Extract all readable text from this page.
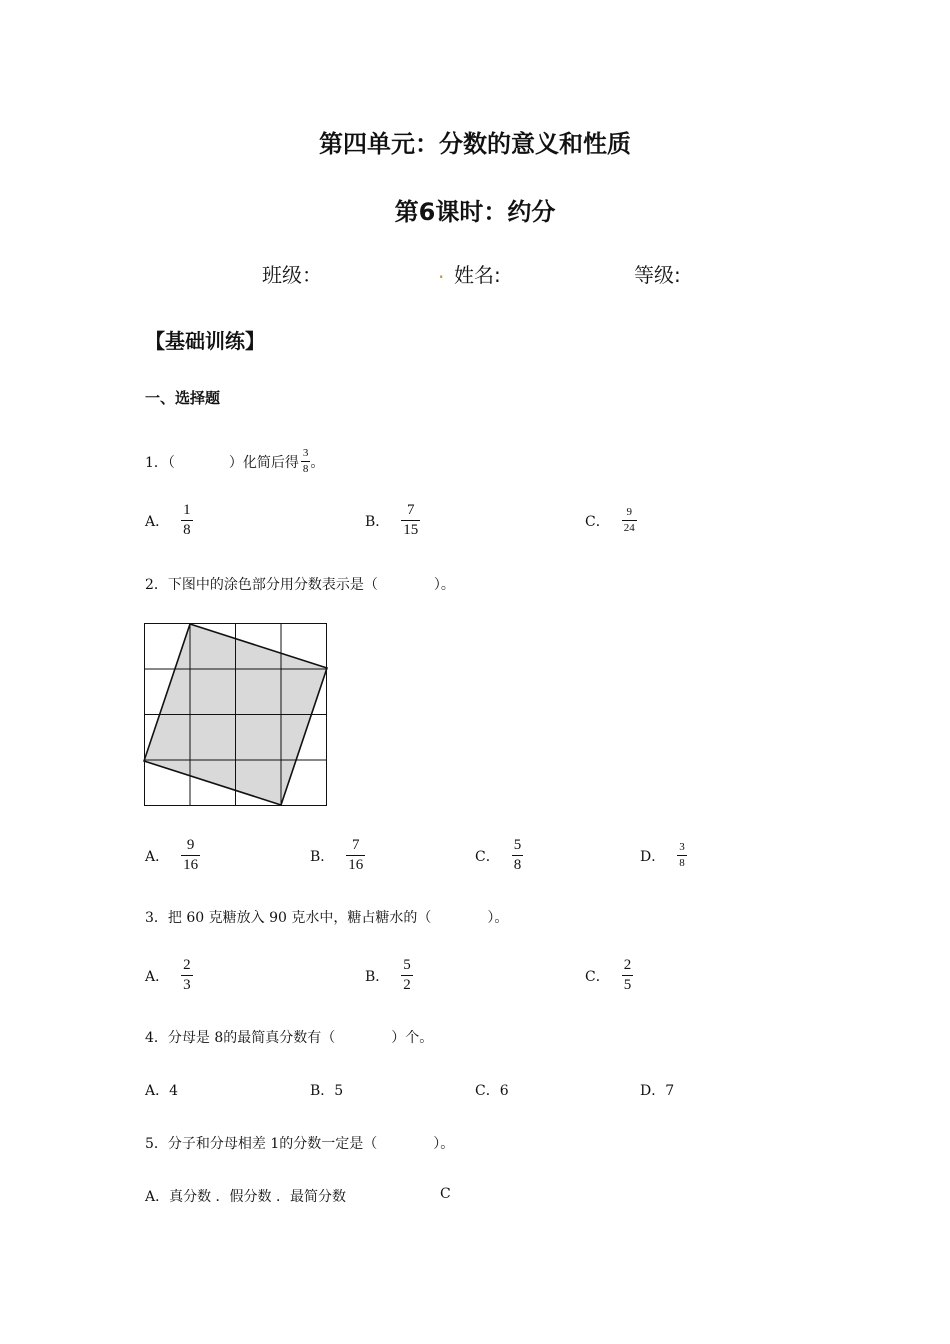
第四单元：分数的意义和性质
第6课时：约分
班级：	. 姓名:	等级:
【基础训练】
一、选择题
1．（	）化简后得 $\frac{3}{8}$ 。
A． $\frac{1}{8}$	B． $\frac{7}{15}$	C． $\frac{9}{24}$
2．下图中的涂色部分用分数表示是（	）。
A． $\frac{9}{16}$	B． $\frac{7}{16}$	C． $\frac{5}{8}$	D． $\frac{3}{8}$
3．把 60 克糖放入 90 克水中，糖占糖水的（	）。
A． $\frac{2}{3}$	B． $\frac{5}{2}$	C． $\frac{2}{5}$
4．分母是 8的最简真分数有（	）个。
A．4	B．5	C．6	D．7
5．分子和分母相差 1的分数一定是（	）。
A．真分数 ．假分数 ．最简分数	C
